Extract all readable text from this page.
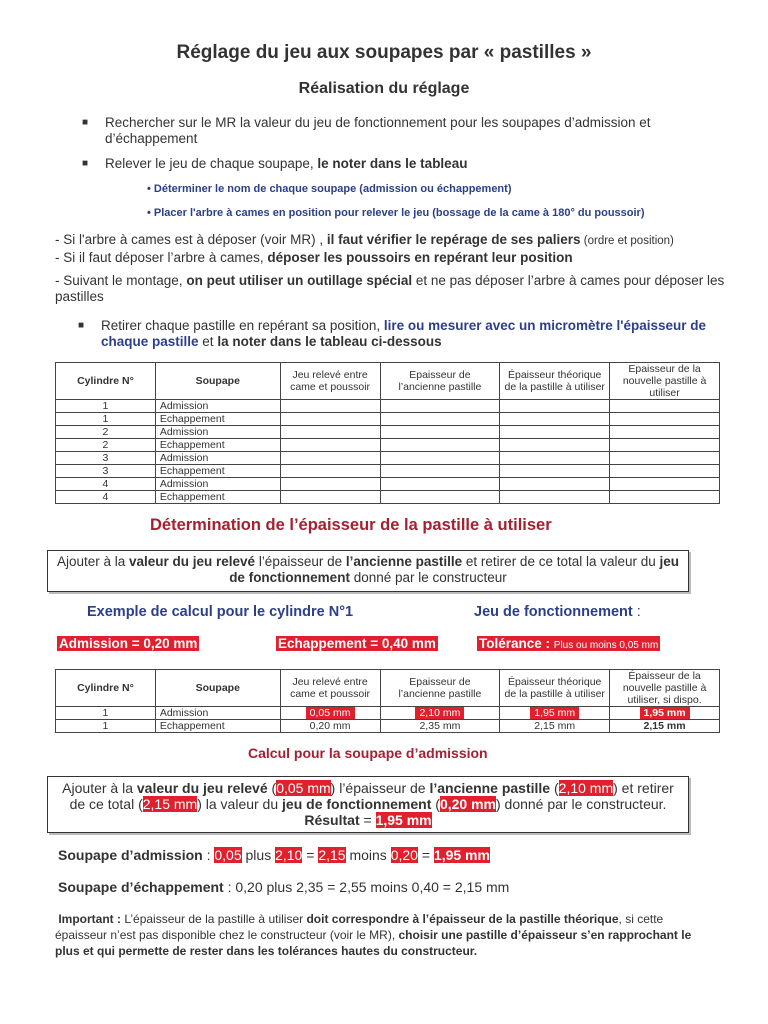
Réglage du jeu aux soupapes par « pastilles »
Réalisation du réglage
■ Rechercher sur le MR la valeur du jeu de fonctionnement pour les soupapes d’admission et d’échappement
■ Relever le jeu de chaque soupape, le noter dans le tableau
• Déterminer le nom de chaque soupape (admission ou échappement)
• Placer l'arbre à cames en position pour relever le jeu (bossage de la came à 180° du poussoir)
- Si l'arbre à cames est à déposer (voir MR) , il faut vérifier le repérage de ses paliers (ordre et position)
- Si il faut déposer l’arbre à cames, déposer les poussoirs en repérant leur position
- Suivant le montage, on peut utiliser un outillage spécial et ne pas déposer l’arbre à cames pour déposer les pastilles
■ Retirer chaque pastille en repérant sa position, lire ou mesurer avec un micromètre l'épaisseur de chaque pastille et la noter dans le tableau ci-dessous
Cylindre N°	Soupape	Jeu relevé entre came et poussoir	Epaisseur de l’ancienne pastille	Épaisseur théorique de la pastille à utiliser	Epaisseur de la nouvelle pastille à utiliser
1	Admission				
1	Echappement				
2	Admission				
2	Echappement				
3	Admission				
3	Echappement				
4	Admission				
4	Echappement				
Détermination de l’épaisseur de la pastille à utiliser
Ajouter à la valeur du jeu relevé l’épaisseur de l’ancienne pastille et retirer de ce total la valeur du jeu de fonctionnement donné par le constructeur
Exemple de calcul pour le cylindre N°1	Jeu de fonctionnement :
Admission = 0,20 mm	Echappement = 0,40 mm	Tolérance : Plus ou moins 0,05 mm
Cylindre N°	Soupape	Jeu relevé entre came et poussoir	Epaisseur de l’ancienne pastille	Épaisseur théorique de la pastille à utiliser	Épaisseur de la nouvelle pastille à utiliser, si dispo.
1	Admission	0,05 mm	2,10 mm	1,95 mm	1,95 mm
1	Echappement	0,20 mm	2,35 mm	2,15 mm	2,15 mm
Calcul pour la soupape d’admission
Ajouter à la valeur du jeu relevé (0,05 mm) l’épaisseur de l’ancienne pastille (2,10 mm) et retirer
de ce total (2,15 mm) la valeur du jeu de fonctionnement (0,20 mm) donné par le constructeur.
Résultat = 1,95 mm
Soupape d’admission : 0,05 plus 2,10 = 2,15 moins 0,20 = 1,95 mm
Soupape d’échappement : 0,20 plus 2,35 = 2,55 moins 0,40 = 2,15 mm
Important : L’épaisseur de la pastille à utiliser doit correspondre à l’épaisseur de la pastille théorique, si cette épaisseur n’est pas disponible chez le constructeur (voir le MR), choisir une pastille d’épaisseur s’en rapprochant le plus et qui permette de rester dans les tolérances hautes du constructeur.
